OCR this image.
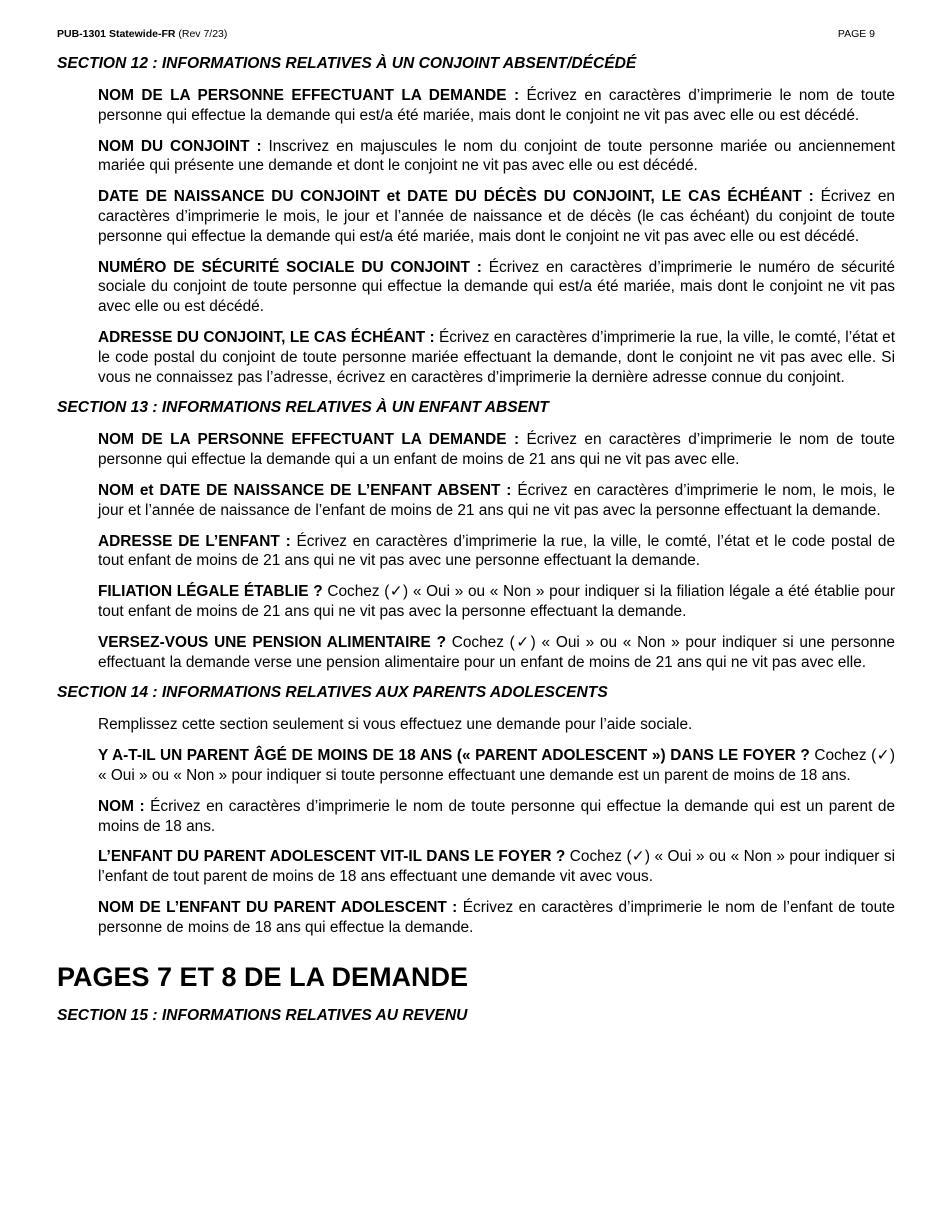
PUB-1301 Statewide-FR (Rev 7/23)	PAGE 9
SECTION 12 : INFORMATIONS RELATIVES À UN CONJOINT ABSENT/DÉCÉDÉ

NOM DE LA PERSONNE EFFECTUANT LA DEMANDE : Écrivez en caractères d’imprimerie le nom de toute personne qui effectue la demande qui est/a été mariée, mais dont le conjoint ne vit pas avec elle ou est décédé.

NOM DU CONJOINT : Inscrivez en majuscules le nom du conjoint de toute personne mariée ou anciennement mariée qui présente une demande et dont le conjoint ne vit pas avec elle ou est décédé.

DATE DE NAISSANCE DU CONJOINT et DATE DU DÉCÈS DU CONJOINT, LE CAS ÉCHÉANT : Écrivez en caractères d’imprimerie le mois, le jour et l’année de naissance et de décès (le cas échéant) du conjoint de toute personne qui effectue la demande qui est/a été mariée, mais dont le conjoint ne vit pas avec elle ou est décédé.

NUMÉRO DE SÉCURITÉ SOCIALE DU CONJOINT : Écrivez en caractères d’imprimerie le numéro de sécurité sociale du conjoint de toute personne qui effectue la demande qui est/a été mariée, mais dont le conjoint ne vit pas avec elle ou est décédé.

ADRESSE DU CONJOINT, LE CAS ÉCHÉANT : Écrivez en caractères d’imprimerie la rue, la ville, le comté, l’état et le code postal du conjoint de toute personne mariée effectuant la demande, dont le conjoint ne vit pas avec elle. Si vous ne connaissez pas l’adresse, écrivez en caractères d’imprimerie la dernière adresse connue du conjoint.

SECTION 13 : INFORMATIONS RELATIVES À UN ENFANT ABSENT

NOM DE LA PERSONNE EFFECTUANT LA DEMANDE : Écrivez en caractères d’imprimerie le nom de toute personne qui effectue la demande qui a un enfant de moins de 21 ans qui ne vit pas avec elle.

NOM et DATE DE NAISSANCE DE L’ENFANT ABSENT : Écrivez en caractères d’imprimerie le nom, le mois, le jour et l’année de naissance de l’enfant de moins de 21 ans qui ne vit pas avec la personne effectuant la demande.

ADRESSE DE L’ENFANT : Écrivez en caractères d’imprimerie la rue, la ville, le comté, l’état et le code postal de tout enfant de moins de 21 ans qui ne vit pas avec une personne effectuant la demande.

FILIATION LÉGALE ÉTABLIE ? Cochez (✓) « Oui » ou « Non » pour indiquer si la filiation légale a été établie pour tout enfant de moins de 21 ans qui ne vit pas avec la personne effectuant la demande.

VERSEZ-VOUS UNE PENSION ALIMENTAIRE ? Cochez (✓) « Oui » ou « Non » pour indiquer si une personne effectuant la demande verse une pension alimentaire pour un enfant de moins de 21 ans qui ne vit pas avec elle.

SECTION 14 : INFORMATIONS RELATIVES AUX PARENTS ADOLESCENTS

Remplissez cette section seulement si vous effectuez une demande pour l’aide sociale.

Y A-T-IL UN PARENT ÂGÉ DE MOINS DE 18 ANS (« PARENT ADOLESCENT ») DANS LE FOYER ? Cochez (✓) « Oui » ou « Non » pour indiquer si toute personne effectuant une demande est un parent de moins de 18 ans.

NOM : Écrivez en caractères d’imprimerie le nom de toute personne qui effectue la demande qui est un parent de moins de 18 ans.

L’ENFANT DU PARENT ADOLESCENT VIT-IL DANS LE FOYER ? Cochez (✓) « Oui » ou « Non » pour indiquer si l’enfant de tout parent de moins de 18 ans effectuant une demande vit avec vous.

NOM DE L’ENFANT DU PARENT ADOLESCENT : Écrivez en caractères d’imprimerie le nom de l’enfant de toute personne de moins de 18 ans qui effectue la demande.

PAGES 7 ET 8 DE LA DEMANDE
SECTION 15 : INFORMATIONS RELATIVES AU REVENU
